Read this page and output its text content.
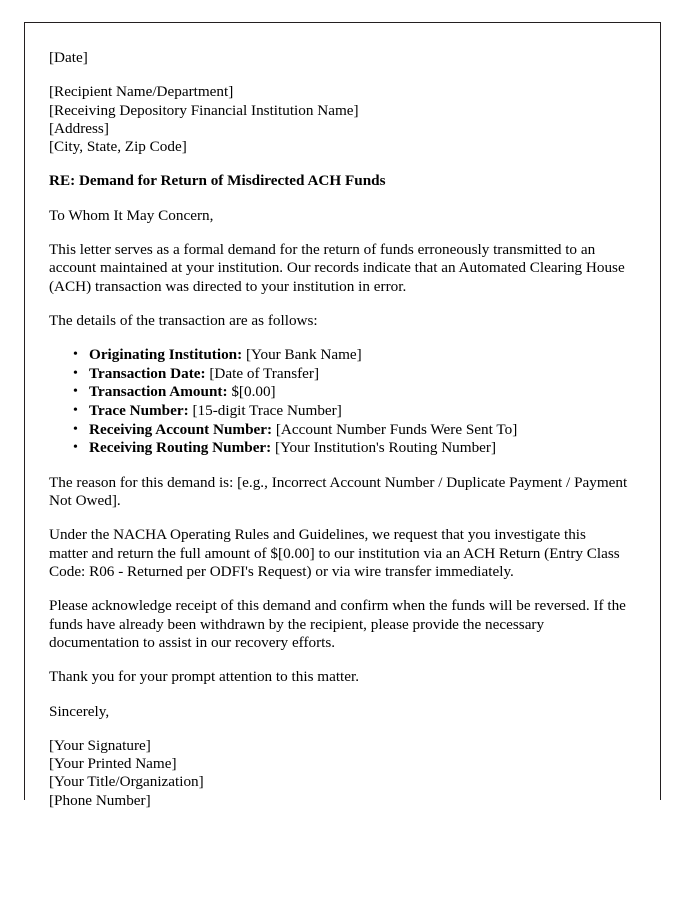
[Date]
[Recipient Name/Department]
[Receiving Depository Financial Institution Name]
[Address]
[City, State, Zip Code]
RE: Demand for Return of Misdirected ACH Funds
To Whom It May Concern,

This letter serves as a formal demand for the return of funds erroneously transmitted to an account maintained at your institution. Our records indicate that an Automated Clearing House (ACH) transaction was directed to your institution in error.

The details of the transaction are as follows:

• Originating Institution: [Your Bank Name]
• Transaction Date: [Date of Transfer]
• Transaction Amount: $[0.00]
• Trace Number: [15-digit Trace Number]
• Receiving Account Number: [Account Number Funds Were Sent To]
• Receiving Routing Number: [Your Institution's Routing Number]

The reason for this demand is: [e.g., Incorrect Account Number / Duplicate Payment / Payment Not Owed].

Under the NACHA Operating Rules and Guidelines, we request that you investigate this matter and return the full amount of $[0.00] to our institution via an ACH Return (Entry Class Code: R06 - Returned per ODFI's Request) or via wire transfer immediately.

Please acknowledge receipt of this demand and confirm when the funds will be reversed. If the funds have already been withdrawn by the recipient, please provide the necessary documentation to assist in our recovery efforts.

Thank you for your prompt attention to this matter.

Sincerely,
[Your Signature]
[Your Printed Name]
[Your Title/Organization]
[Phone Number]
